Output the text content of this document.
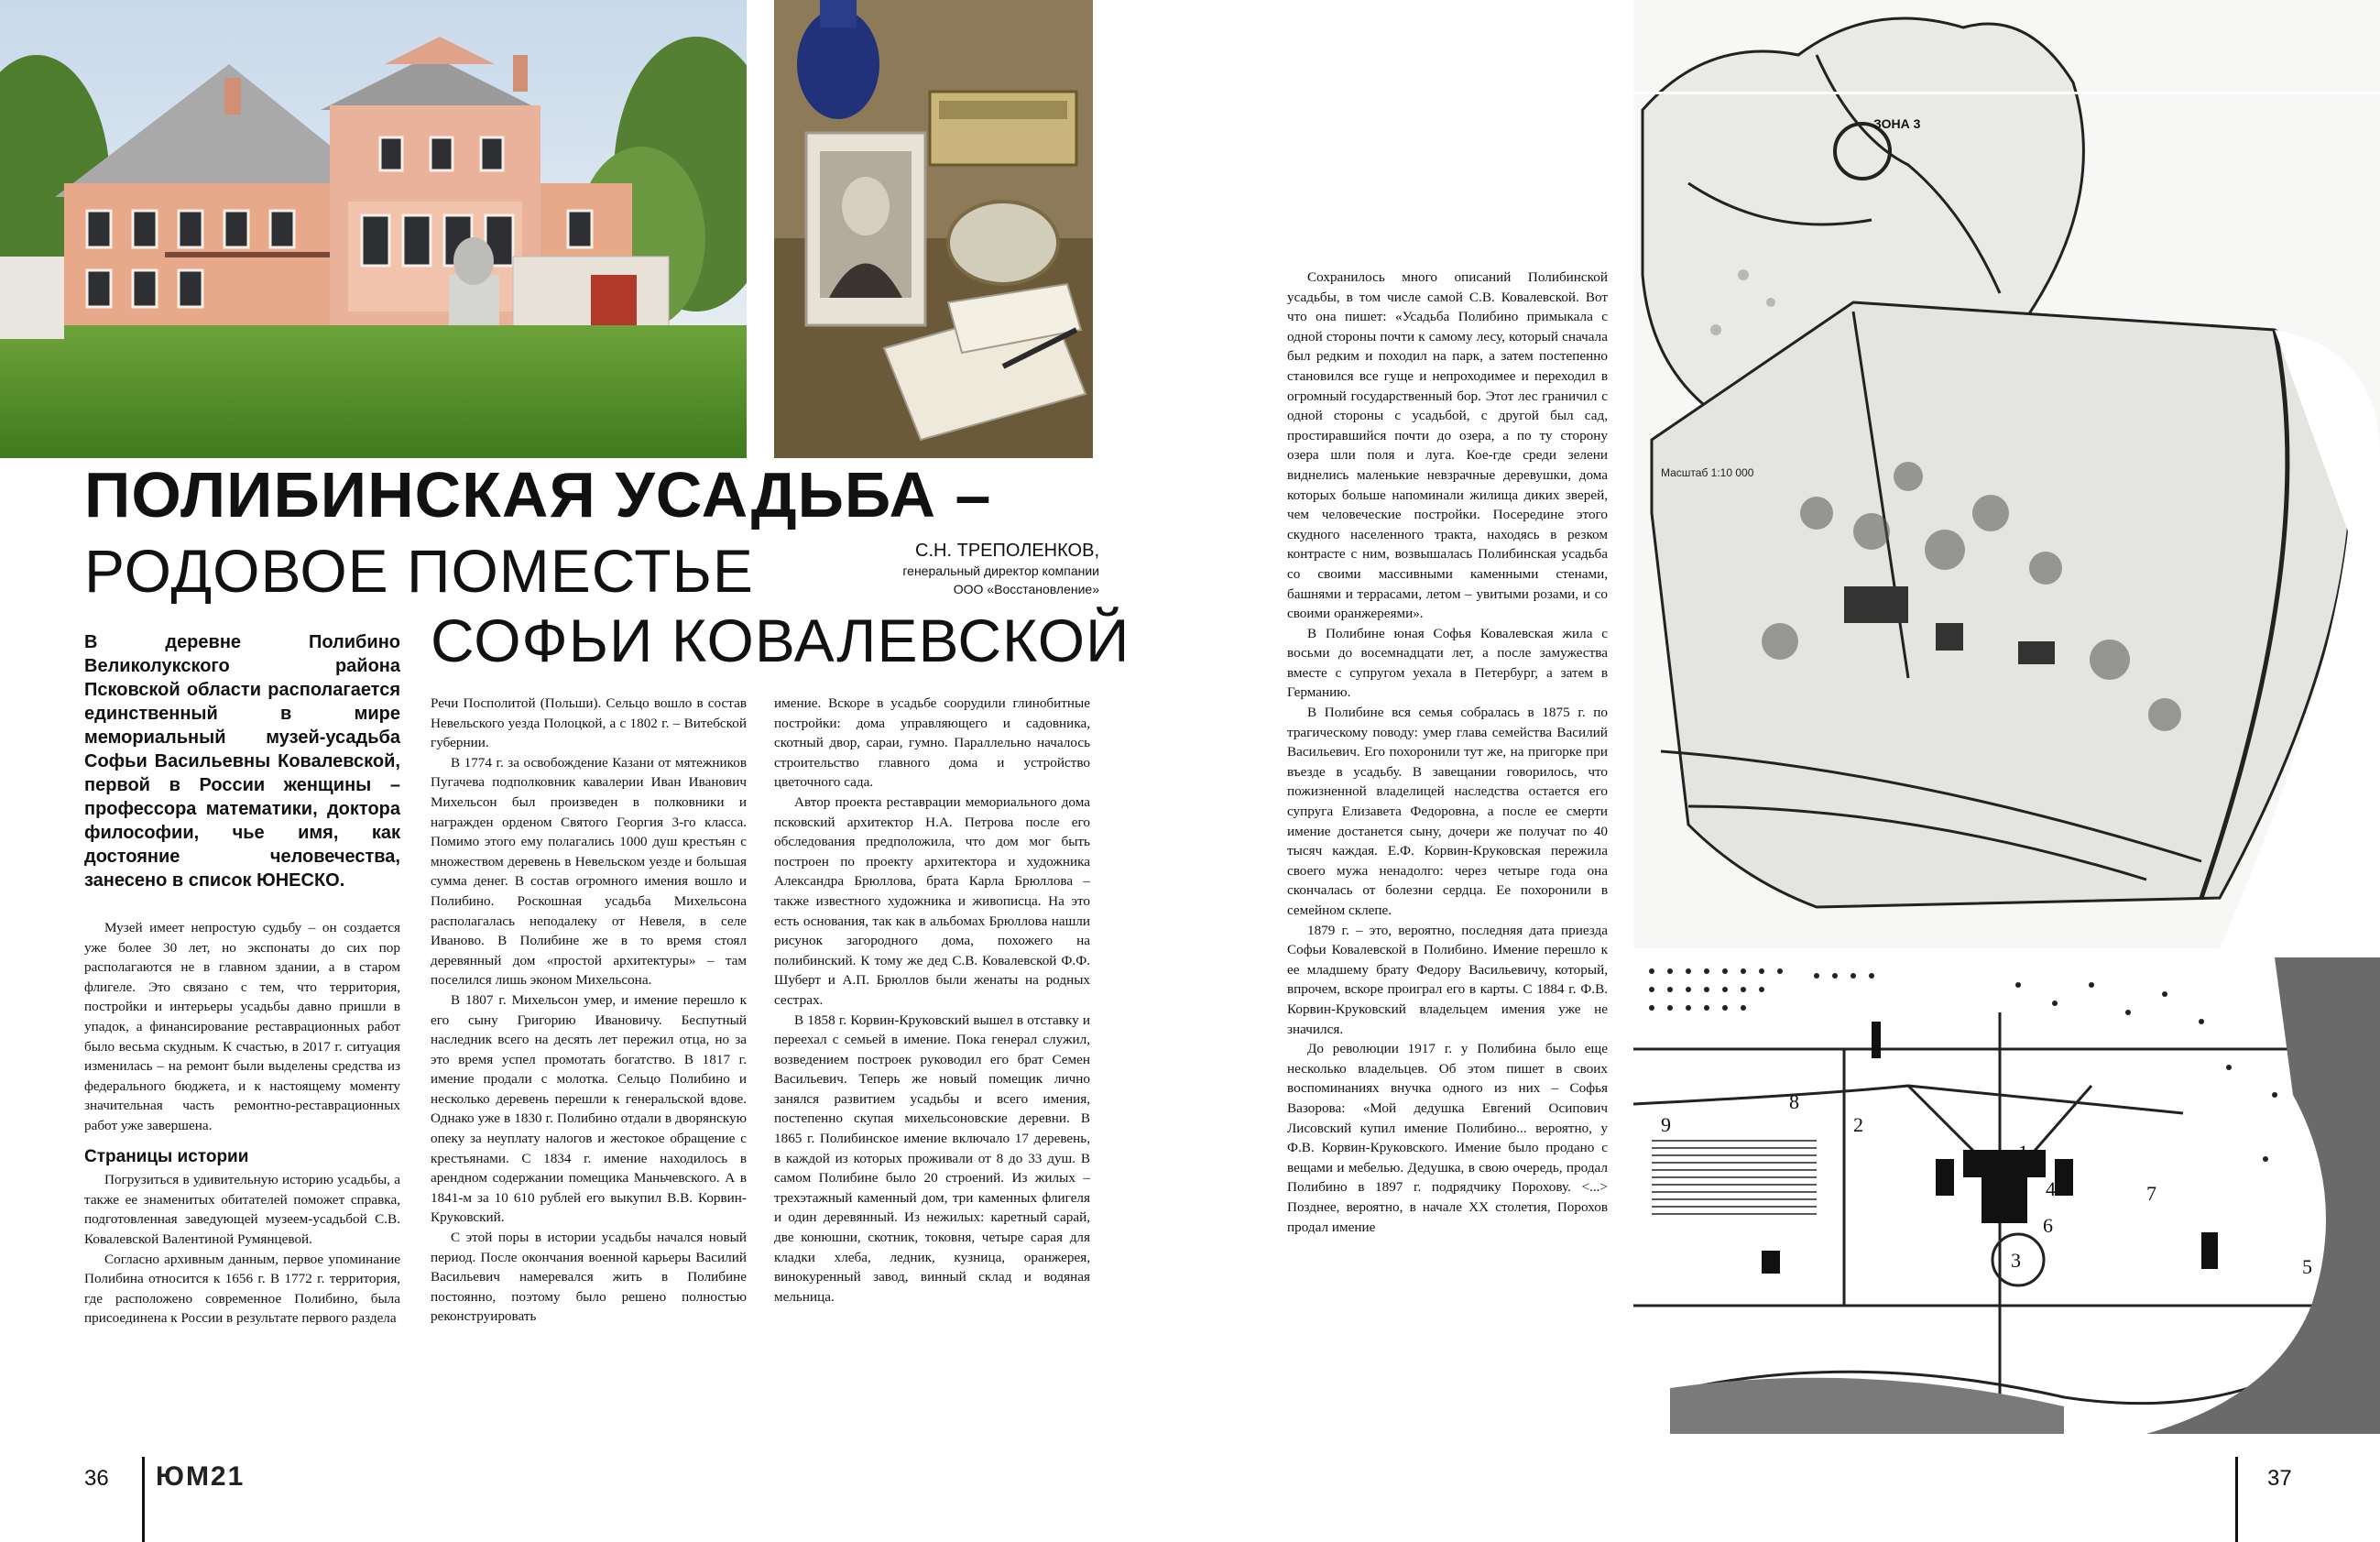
ПОЛИБИНСКАЯ УСАДЬБА –
РОДОВОЕ ПОМЕСТЬЕ
СОФЬИ КОВАЛЕВСКОЙ
С.Н. ТРЕПОЛЕНКОВ,
генеральный директор компании
ООО «Восстановление»
В деревне Полибино Великолукского района Псковской области располагается единственный в мире мемориальный музей-усадьба Софьи Васильевны Ковалевской, первой в России женщины – профессора математики, доктора философии, чье имя, как достояние человечества, занесено в список ЮНЕСКО.

Музей имеет непростую судьбу – он создается уже более 30 лет, но экспонаты до сих пор располагаются не в главном здании, а в старом флигеле. Это связано с тем, что территория, постройки и интерьеры усадьбы давно пришли в упадок, а финансирование реставрационных работ было весьма скудным. К счастью, в 2017 г. ситуация изменилась – на ремонт были выделены средства из федерального бюджета, и к настоящему моменту значительная часть ремонтно-реставрационных работ уже завершена.

Страницы истории

Погрузиться в удивительную историю усадьбы, а также ее знаменитых обитателей поможет справка, подготовленная заведующей музеем-усадьбой С.В. Ковалевской Валентиной Румянцевой.

Согласно архивным данным, первое упоминание Полибина относится к 1656 г. В 1772 г. территория, где расположено современное Полибино, была присоединена к России в результате первого раздела

Речи Посполитой (Польши). Сельцо вошло в состав Невельского уезда Полоцкой, а с 1802 г. – Витебской губернии.

В 1774 г. за освобождение Казани от мятежников Пугачева подполковник кавалерии Иван Иванович Михельсон был произведен в полковники и награжден орденом Святого Георгия 3-го класса. Помимо этого ему полагались 1000 душ крестьян с множеством деревень в Невельском уезде и большая сумма денег. В состав огромного имения вошло и Полибино. Роскошная усадьба Михельсона располагалась неподалеку от Невеля, в селе Иваново. В Полибине же в то время стоял деревянный дом «простой архитектуры» – там поселился лишь эконом Михельсона.

В 1807 г. Михельсон умер, и имение перешло к его сыну Григорию Ивановичу. Беспутный наследник всего на десять лет пережил отца, но за это время успел промотать богатство. В 1817 г. имение продали с молотка. Сельцо Полибино и несколько деревень перешли к генеральской вдове. Однако уже в 1830 г. Полибино отдали в дворянскую опеку за неуплату налогов и жестокое обращение с крестьянами. С 1834 г. имение находилось в арендном содержании помещика Маньчевского. А в 1841-м за 10 610 рублей его выкупил В.В. Корвин-Круковский.

С этой поры в истории усадьбы начался новый период. После окончания военной карьеры Василий Васильевич намеревался жить в Полибине постоянно, поэтому было решено полностью реконструировать

имение. Вскоре в усадьбе соорудили глинобитные постройки: дома управляющего и садовника, скотный двор, сараи, гумно. Параллельно началось строительство главного дома и устройство цветочного сада.

Автор проекта реставрации мемориального дома псковский архитектор Н.А. Петрова после его обследования предположила, что дом мог быть построен по проекту архитектора и художника Александра Брюллова, брата Карла Брюллова – также известного художника и живописца. На это есть основания, так как в альбомах Брюллова нашли рисунок загородного дома, похожего на полибинский. К тому же дед С.В. Ковалевской Ф.Ф. Шуберт и А.П. Брюллов были женаты на родных сестрах.

В 1858 г. Корвин-Круковский вышел в отставку и переехал с семьей в имение. Пока генерал служил, возведением построек руководил его брат Семен Васильевич. Теперь же новый помещик лично занялся развитием усадьбы и всего имения, постепенно скупая михельсоновские деревни. В 1865 г. Полибинское имение включало 17 деревень, в каждой из которых проживали от 8 до 33 душ. В самом Полибине было 20 строений. Из жилых – трехэтажный каменный дом, три каменных флигеля и один деревянный. Из нежилых: каретный сарай, две конюшни, скотник, токовня, четыре сарая для кладки хлеба, ледник, кузница, оранжерея, винокуренный завод, винный склад и водяная мельница.

Сохранилось много описаний Полибинской усадьбы, в том числе самой С.В. Ковалевской. Вот что она пишет: «Усадьба Полибино примыкала с одной стороны почти к самому лесу, который сначала был редким и походил на парк, а затем постепенно становился все гуще и непроходимее и переходил в огромный государственный бор. Этот лес граничил с одной стороны с усадьбой, с другой был сад, простиравшийся почти до озера, а по ту сторону озера шли поля и луга. Кое-где среди зелени виднелись маленькие невзрачные деревушки, дома которых больше напоминали жилища диких зверей, чем человеческие постройки. Посередине этого скудного населенного тракта, находясь в резком контрасте с ним, возвышалась Полибинская усадьба со своими массивными каменными стенами, башнями и террасами, летом – увитыми розами, и со своими оранжереями».

В Полибине юная Софья Ковалевская жила с восьми до восемнадцати лет, а после замужества вместе с супругом уехала в Петербург, а затем в Германию.

В Полибине вся семья собралась в 1875 г. по трагическому поводу: умер глава семейства Василий Васильевич. Его похоронили тут же, на пригорке при въезде в усадьбу. В завещании говорилось, что пожизненной владелицей наследства остается его супруга Елизавета Федоровна, а после ее смерти имение достанется сыну, дочери же получат по 40 тысяч каждая. Е.Ф. Корвин-Круковская пережила своего мужа ненадолго: через четыре года она скончалась от болезни сердца. Ее похоронили в семейном склепе.

1879 г. – это, вероятно, последняя дата приезда Софьи Ковалевской в Полибино. Имение перешло к ее младшему брату Федору Васильевичу, который, впрочем, вскоре проиграл его в карты. С 1884 г. Ф.В. Корвин-Круковский владельцем имения уже не значился.

До революции 1917 г. у Полибина было еще несколько владельцев. Об этом пишет в своих воспоминаниях внучка одного из них – Софья Вазорова: «Мой дедушка Евгений Осипович Лисовский купил имение Полибино... вероятно, у Ф.В. Корвин-Круковского. Имение было продано с вещами и мебелью. Дедушка, в свою очередь, продал Полибино в 1897 г. подрядчику Порохову. <...> Позднее, вероятно, в начале XX столетия, Порохов продал имение

ЗОНА 3
Масштаб 1:10 000
1
2
3
4
5
6
7
8
9
36 ЮМ21	37
